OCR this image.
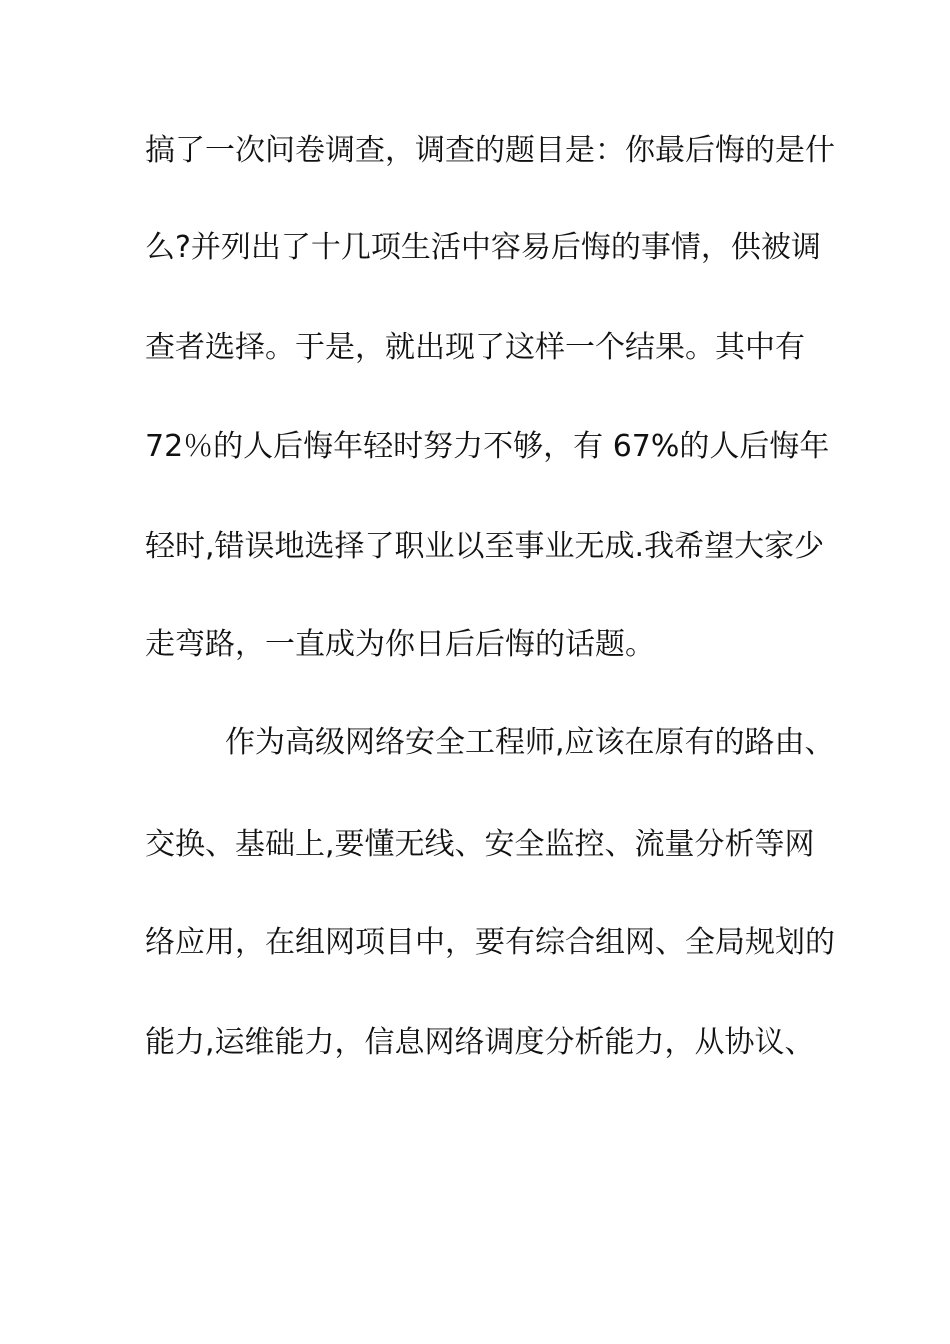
搞了一次问卷调查，调查的题目是：你最后悔的是什
么?并列出了十几项生活中容易后悔的事情，供被调
查者选择。于是，就出现了这样一个结果。其中有
72％的人后悔年轻时努力不够，有 67%的人后悔年
轻时,错误地选择了职业以至事业无成.我希望大家少
走弯路，一直成为你日后后悔的话题。
作为高级网络安全工程师,应该在原有的路由、
交换、基础上,要懂无线、安全监控、流量分析等网
络应用，在组网项目中，要有综合组网、全局规划的
能力,运维能力，信息网络调度分析能力，从协议、
